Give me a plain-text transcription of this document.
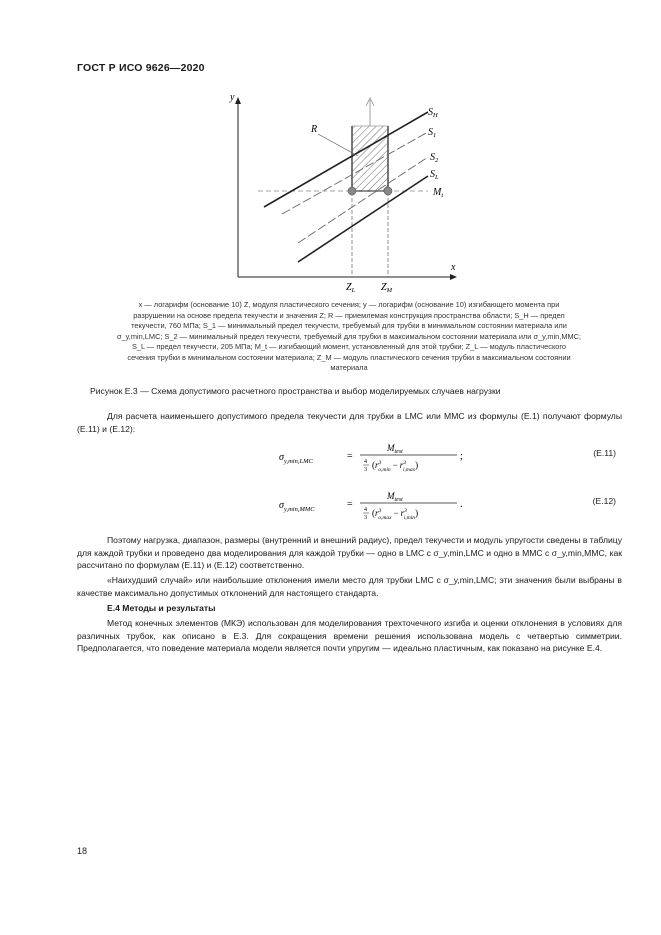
ГОСТ Р ИСО 9626—2020
y
x
R
$S_H$
$S_1$
$S_2$
$S_L$
$M_t$
$Z_L$	$Z_M$
x — логарифм (основание 10) Z, модуля пластического сечения; y — логарифм (основание 10) изгибающего момента при
разрушении на основе предела текучести и значения Z; R — приемлемая конструкция пространства области; S_H — предел
текучести, 760 МПа; S_1 — минимальный предел текучести, требуемый для трубки в минимальном состоянии материала или
σ_y,min,LMC; S_2 — минимальный предел текучести, требуемый для трубки в максимальном состоянии материала или σ_y,min,MMC;
S_L — предел текучести, 205 МПа; M_t — изгибающий момент, установленный для этой трубки; Z_L — модуль пластического
сечения трубки в минимальном состоянии материала; Z_M — модуль пластического сечения трубки в максимальном состоянии
материала
Рисунок Е.3 — Схема допустимого расчетного пространства и выбор моделируемых случаев нагрузки
Для расчета наименьшего допустимого предела текучести для трубки в LMC или MMC из формулы (Е.1) получают формулы (Е.11) и (Е.12):
$\sigma_{y,min,LMC}$	=
$M_{test}$
4
3 ($r^3$ $o,\min - r^3$ i,max)
;	(Е.11)
$\sigma_{y,min,MMC}$	=
$M_{test}$
4
3 ($r^3$ $o,\max - r^3$ i,min)
.	(Е.12)
Поэтому нагрузка, диапазон, размеры (внутренний и внешний радиус), предел текучести и модуль упругости сведены в таблицу для каждой трубки и проведено два моделирования для каждой трубки — одно в LMC с σ_y,min,LMC и одно в MMC с σ_y,min,MMC, как рассчитано по формулам (Е.11) и (Е.12) соответственно.
«Наихудший случай» или наибольшие отклонения имели место для трубки LMC с σ_y,min,LMC; эти значения были выбраны в качестве максимально допустимых отклонений для настоящего стандарта.
Е.4 Методы и результаты
Метод конечных элементов (МКЭ) использован для моделирования трехточечного изгиба и оценки отклонения в условиях для различных трубок, как описано в Е.3. Для сокращения времени решения использована модель с четвертью симметрии. Предполагается, что поведение материала модели является почти упругим — идеально пластичным, как показано на рисунке Е.4.
18
